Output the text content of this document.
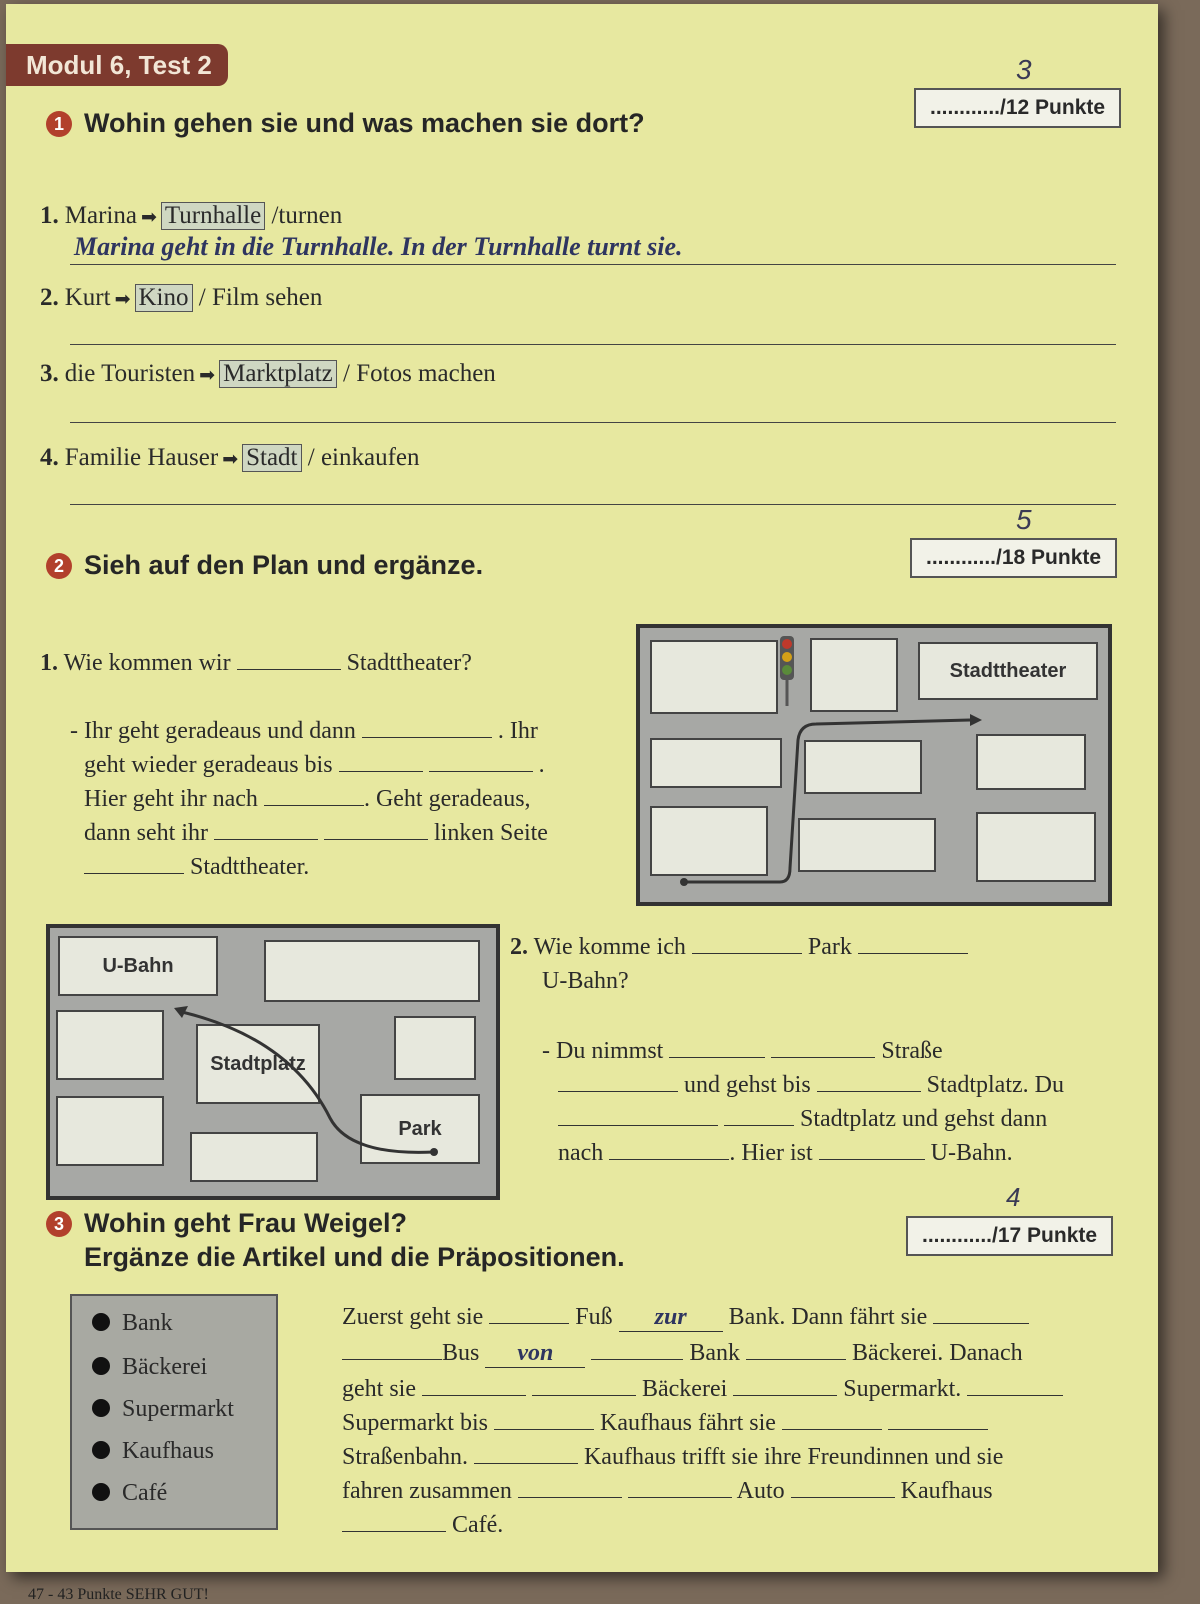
Modul 6, Test 2
1 Wohin gehen sie und was machen sie dort?
3
............/12 Punkte
1. Marina ➡ Turnhalle /turnen
Marina geht in die Turnhalle. In der Turnhalle turnt sie.
2. Kurt ➡ Kino / Film sehen
3. die Touristen ➡ Marktplatz / Fotos machen
4. Familie Hauser ➡ Stadt / einkaufen
2 Sieh auf den Plan und ergänze.
5
............/18 Punkte
1. Wie kommen wir	Stadttheater?
- Ihr geht geradeaus und dann	. Ihr
geht wieder geradeaus bis	.
Hier geht ihr nach	. Geht geradeaus,
dann seht ihr	linken Seite
Stadttheater.
Stadttheater
U-Bahn
Stadtplatz
Park
2. Wie komme ich	Park
U-Bahn?
- Du nimmst	Straße
und gehst bis	Stadtplatz. Du
Stadtplatz und gehst dann
nach	. Hier ist	U-Bahn.
3 Wohin geht Frau Weigel?
Ergänze die Artikel und die Präpositionen.
4
............/17 Punkte
Bank
Bäckerei
Supermarkt
Kaufhaus
Café
Zuerst geht sie	Fuß zur Bank. Dann fährt sie
Bus von	Bank	Bäckerei. Danach
geht sie	Bäckerei	Supermarkt.
Supermarkt bis	Kaufhaus fährt sie
Straßenbahn.	Kaufhaus trifft sie ihre Freundinnen und sie
fahren zusammen	Auto	Kaufhaus
Café.
47 - 43 Punkte SEHR GUT!
